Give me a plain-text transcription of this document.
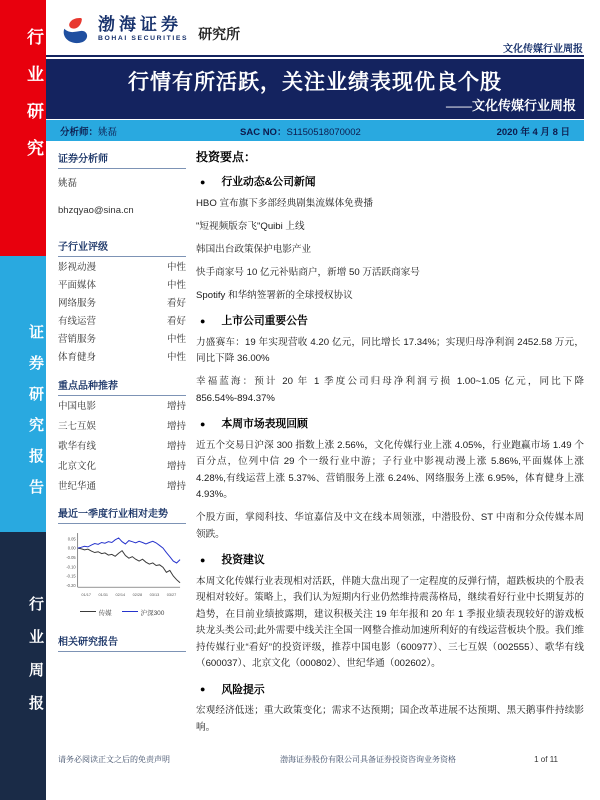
行业研究
证券研究报告
行业周报
渤海证券
BOHAI SECURITIES 研究所
文化传媒行业周报
行情有所活跃，关注业绩表现优良个股
——文化传媒行业周报
分析师：姚磊	SAC NO：S1150518070002	2020 年 4 月 8 日
证券分析师
姚磊
bhzqyao@sina.cn
子行业评级
影视动漫	中性
平面媒体	中性
网络服务	看好
有线运营	看好
营销服务	中性
体育健身	中性
重点品种推荐
中国电影	增持
三七互娱	增持
歌华有线	增持
北京文化	增持
世纪华通	增持
最近一季度行业相对走势
0.05
0.00
-0.05
-0.10
-0.15
-0.20
01/17 01/31 02/14 02/28 03/13 03/27
传媒	沪深300
相关研究报告
投资要点：
● 行业动态&公司新闻

HBO 宣布旗下多部经典剧集流媒体免费播

"短视频版奈飞"Quibi 上线

韩国出台政策保护电影产业

快手商家号 10 亿元补贴商户，新增 50 万活跃商家号

Spotify 和华纳签署新的全球授权协议

● 上市公司重要公告

力盛赛车：19 年实现营收 4.20 亿元，同比增长 17.34%；实现归母净利润 2452.58 万元，同比下降 36.00%

幸福蓝海：预计 20 年 1 季度公司归母净利润亏损 1.00~1.05 亿元，同比下降 856.54%-894.37%

● 本周市场表现回顾

近五个交易日沪深 300 指数上涨 2.56%，文化传媒行业上涨 4.05%，行业跑赢市场 1.49 个百分点，位列中信 29 个一级行业中游；子行业中影视动漫上涨 5.86%,平面媒体上涨 4.28%,有线运营上涨 5.37%、营销服务上涨 6.24%、网络服务上涨 6.95%，体育健身上涨 4.93%。

个股方面，掌阅科技、华谊嘉信及中文在线本周领涨，中潜股份、ST 中南和分众传媒本周领跌。

● 投资建议

本周文化传媒行业表现相对活跃，伴随大盘出现了一定程度的反弹行情，超跌板块的个股表现相对较好。策略上，我们认为短期内行业仍然维持震荡格局，继续看好行业中长期复苏的趋势，在目前业绩披露期，建议积极关注 19 年年报和 20 年 1 季报业绩表现较好的游戏板块龙头类公司;此外需要中线关注全国一网整合推动加速所利好的有线运营板块个股。我们维持传媒行业“看好”的投资评级，推荐中国电影（600977）、三七互娱（002555）、歌华有线（600037）、北京文化（000802）、世纪华通（002602）。

● 风险提示

宏观经济低迷；重大政策变化；需求不达预期；国企改革进展不达预期、黑天鹅事件持续影响。

请务必阅读正文之后的免责声明	渤海证券股份有限公司具备证券投资咨询业务资格	1 of 11
